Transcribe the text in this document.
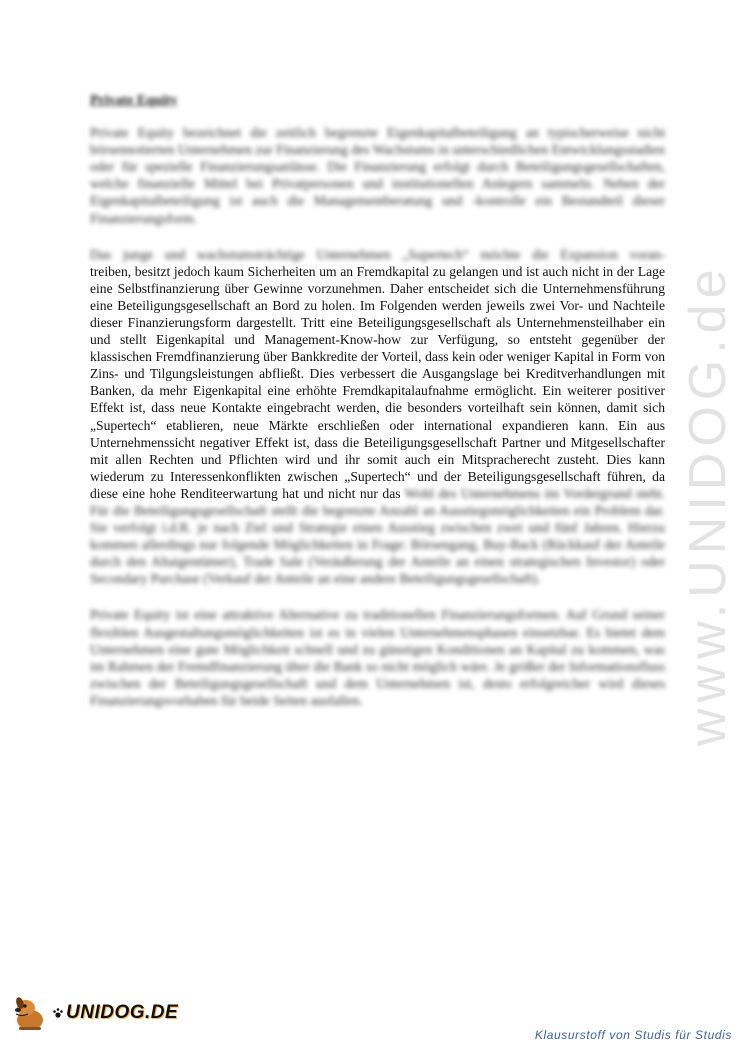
Private Equity

Private Equity bezeichnet die zeitlich begrenzte Eigenkapitalbeteiligung an typischerweise nicht börsennotierten Unternehmen zur Finanzierung des Wachstums in unterschiedlichen Entwicklungsstadien oder für spezielle Finanzierungsanlässe. Die Finanzierung erfolgt durch Beteiligungsgesellschaften, welche finanzielle Mittel bei Privatpersonen und institutionellen Anlegern sammeln. Neben der Eigenkapitalbeteiligung ist auch die Managementberatung und -kontrolle ein Bestandteil dieser Finanzierungsform.

Das junge und wachstumsträchtige Unternehmen „Supertech“ möchte die Expansion voran-
treiben, besitzt jedoch kaum Sicherheiten um an Fremdkapital zu gelangen und ist auch nicht in der Lage eine Selbstfinanzierung über Gewinne vorzunehmen. Daher entscheidet sich die Unternehmensführung eine Beteiligungsgesellschaft an Bord zu holen. Im Folgenden werden jeweils zwei Vor- und Nachteile dieser Finanzierungsform dargestellt. Tritt eine Beteiligungsgesellschaft als Unternehmensteilhaber ein und stellt Eigenkapital und Management-Know-how zur Verfügung, so entsteht gegenüber der klassischen Fremdfinanzierung über Bankkredite der Vorteil, dass kein oder weniger Kapital in Form von Zins- und Tilgungsleistungen abfließt. Dies verbessert die Ausgangslage bei Kreditverhandlungen mit Banken, da mehr Eigenkapital eine erhöhte Fremdkapitalaufnahme ermöglicht. Ein weiterer positiver Effekt ist, dass neue Kontakte eingebracht werden, die besonders vorteilhaft sein können, damit sich „Supertech“ etablieren, neue Märkte erschließen oder international expandieren kann. Ein aus Unternehmenssicht negativer Effekt ist, dass die Beteiligungsgesellschaft Partner und Mitgesellschafter mit allen Rechten und Pflichten wird und ihr somit auch ein Mitspracherecht zusteht. Dies kann wiederum zu Interessenkonflikten zwischen „Supertech“ und der Beteiligungsgesellschaft führen, da diese eine hohe Renditeerwartung hat und nicht nur das Wohl des Unternehmens im Vordergrund steht. Für die Beteiligungsgesellschaft stellt die begrenzte Anzahl an Ausstiegsmöglichkeiten ein Problem dar. Sie verfolgt i.d.R. je nach Ziel und Strategie einen Ausstieg zwischen zwei und fünf Jahren. Hierzu kommen allerdings nur folgende Möglichkeiten in Frage: Börsengang, Buy-Back (Rückkauf der Anteile durch den Altaigentümer), Trade Sale (Veräußerung der Anteile an einen strategischen Investor) oder Secondary Purchase (Verkauf der Anteile an eine andere Beteiligungsgesellschaft).

Private Equity ist eine attraktive Alternative zu traditionellen Finanzierungsformen. Auf Grund seiner flexiblen Ausgestaltungsmöglichkeiten ist es in vielen Unternehmensphasen einsetzbar. Es bietet dem Unternehmen eine gute Möglichkeit schnell und zu günstigen Konditionen an Kapital zu kommen, was im Rahmen der Fremdfinanzierung über die Bank so nicht möglich wäre. Je größer der Informationsfluss zwischen der Beteiligungsgesellschaft und dem Unternehmen ist, desto erfolgreicher wird dieses Finanzierungsvorhaben für beide Seiten ausfallen.	www.UNIDOG.de
UNIDOG.DE
Klausurstoff von Studis für Studis
